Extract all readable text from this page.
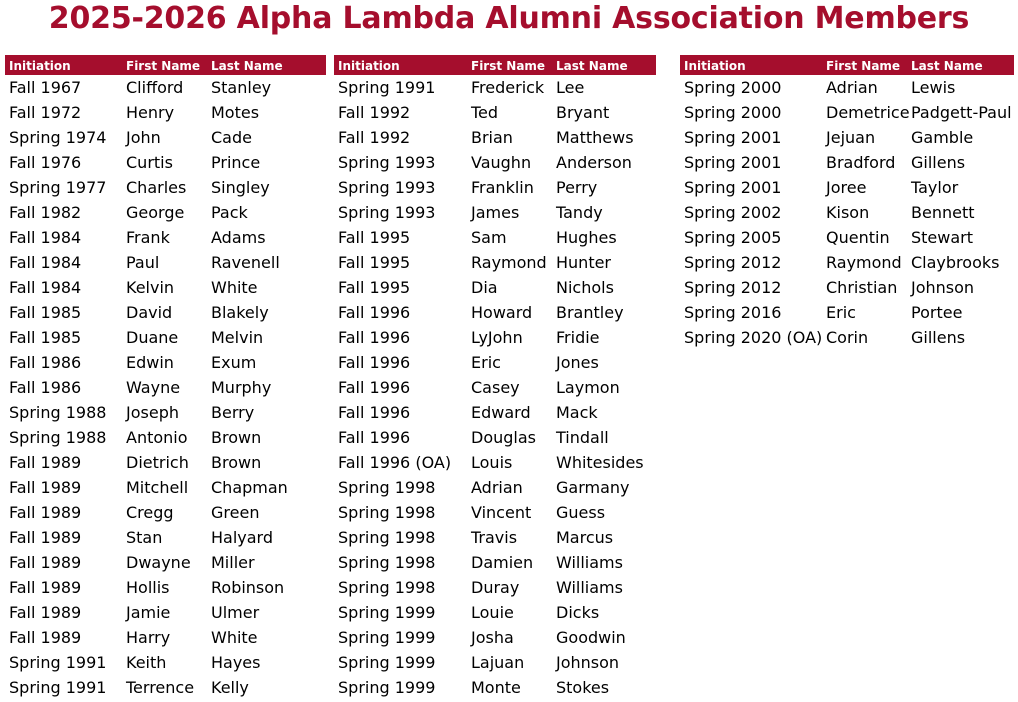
2025-2026 Alpha Lambda Alumni Association Members
Initiation	First Name Last Name
Fall 1967	Clifford Stanley
Fall 1972	Henry Motes
Spring 1974 John	Cade
Fall 1976	Curtis Prince
Spring 1977 Charles Singley
Fall 1982	George Pack
Fall 1984	Frank	Adams
Fall 1984	Paul	Ravenell
Fall 1984	Kelvin White
Fall 1985	David Blakely
Fall 1985	Duane Melvin
Fall 1986	Edwin Exum
Fall 1986	Wayne Murphy
Spring 1988 Joseph Berry
Spring 1988 Antonio Brown
Fall 1989	Dietrich Brown
Fall 1989	Mitchell Chapman
Fall 1989	Cregg Green
Fall 1989	Stan	Halyard
Fall 1989	Dwayne Miller
Fall 1989	Hollis	Robinson
Fall 1989	Jamie	Ulmer
Fall 1989	Harry	White
Spring 1991 Keith	Hayes
Spring 1991 Terrence Kelly
Initiation	First Name Last Name
Spring 1991 Frederick Lee
Fall 1992	Ted	Bryant
Fall 1992	Brian	Matthews
Spring 1993 Vaughn Anderson
Spring 1993 Franklin Perry
Spring 1993 James Tandy
Fall 1995	Sam	Hughes
Fall 1995	Raymond Hunter
Fall 1995	Dia	Nichols
Fall 1996	Howard Brantley
Fall 1996	LyJohn Fridie
Fall 1996	Eric	Jones
Fall 1996	Casey Laymon
Fall 1996	Edward Mack
Fall 1996	Douglas Tindall
Fall 1996 (OA) Louis	Whitesides
Spring 1998 Adrian Garmany
Spring 1998 Vincent Guess
Spring 1998 Travis Marcus
Spring 1998 Damien Williams
Spring 1998 Duray Williams
Spring 1999 Louie	Dicks
Spring 1999 Josha	Goodwin
Spring 1999 Lajuan Johnson
Spring 1999 Monte Stokes
Initiation	First Name Last Name
Spring 2000	Adrian Lewis
Spring 2000	Demetrice Padgett-Paul
Spring 2001	Jejuan Gamble
Spring 2001	Bradford Gillens
Spring 2001	Joree	Taylor
Spring 2002	Kison	Bennett
Spring 2005	Quentin Stewart
Spring 2012	Raymond Claybrooks
Spring 2012	Christian Johnson
Spring 2016	Eric	Portee
Spring 2020 (OA) Corin	Gillens
